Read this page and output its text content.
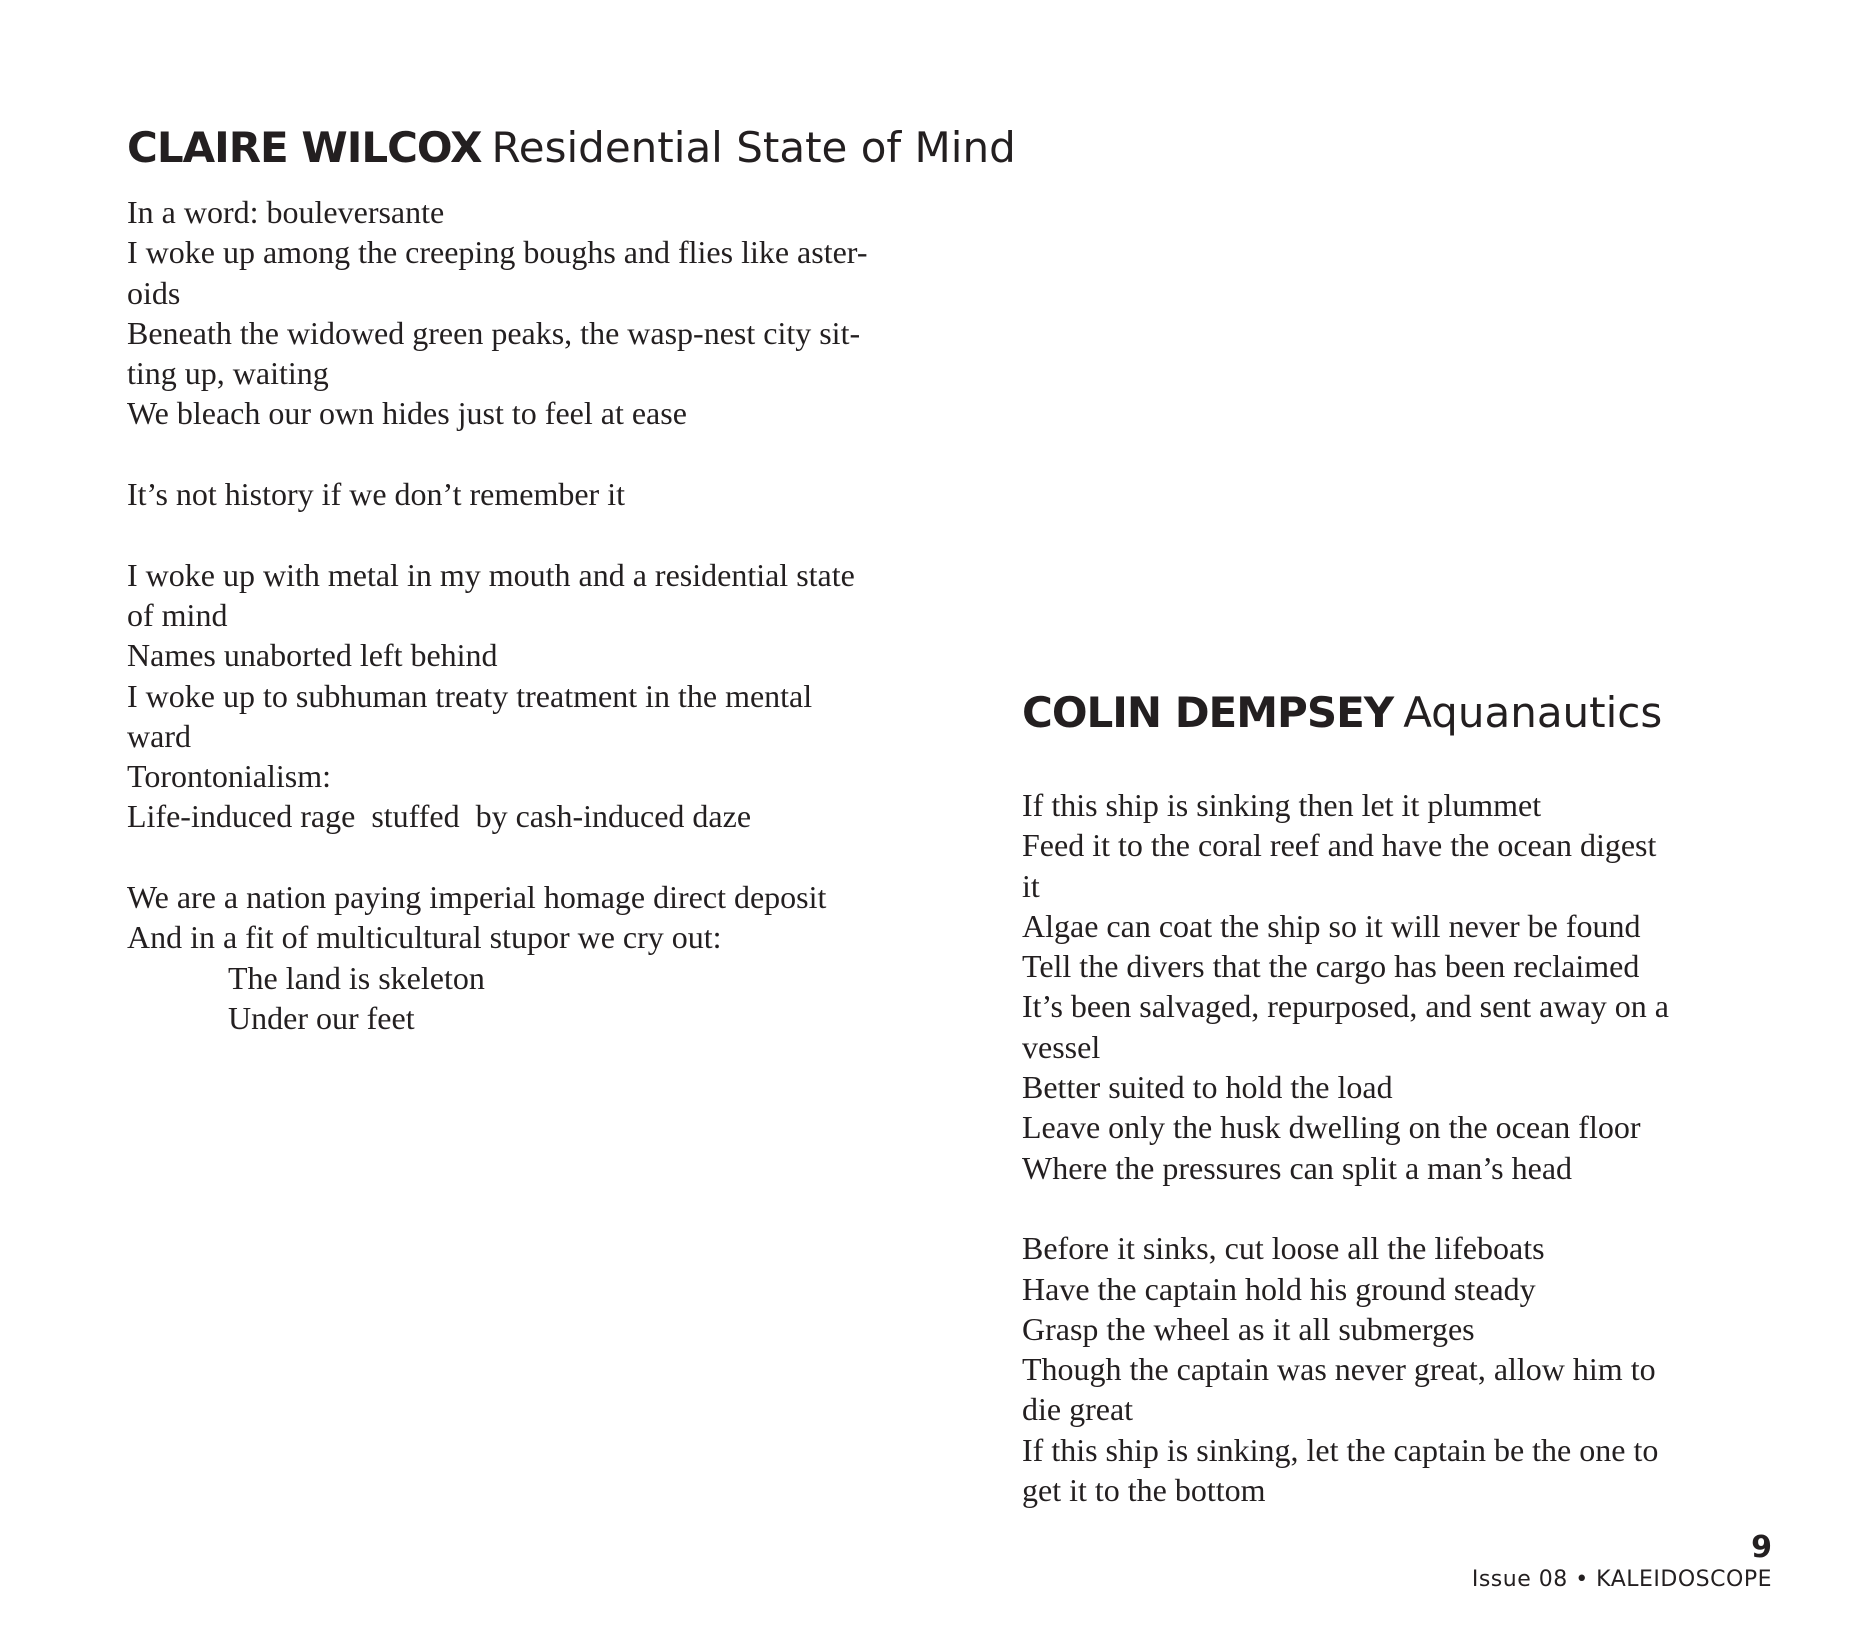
CLAIRE WILCOX Residential State of Mind
In a word: bouleversante
I woke up among the creeping boughs and flies like aster-
oids
Beneath the widowed green peaks, the wasp-nest city sit-
ting up, waiting
We bleach our own hides just to feel at ease
It’s not history if we don’t remember it
I woke up with metal in my mouth and a residential state
of mind
Names unaborted left behind
I woke up to subhuman treaty treatment in the mental
ward
Torontonialism:
Life-induced rage  stuffed  by cash-induced daze
We are a nation paying imperial homage direct deposit
And in a fit of multicultural stupor we cry out:
The land is skeleton
Under our feet
COLIN DEMPSEY Aquanautics
If this ship is sinking then let it plummet
Feed it to the coral reef and have the ocean digest
it
Algae can coat the ship so it will never be found
Tell the divers that the cargo has been reclaimed
It’s been salvaged, repurposed, and sent away on a
vessel
Better suited to hold the load
Leave only the husk dwelling on the ocean floor
Where the pressures can split a man’s head
Before it sinks, cut loose all the lifeboats
Have the captain hold his ground steady
Grasp the wheel as it all submerges
Though the captain was never great, allow him to
die great
If this ship is sinking, let the captain be the one to
get it to the bottom
9
Issue 08 • KALEIDOSCOPE
